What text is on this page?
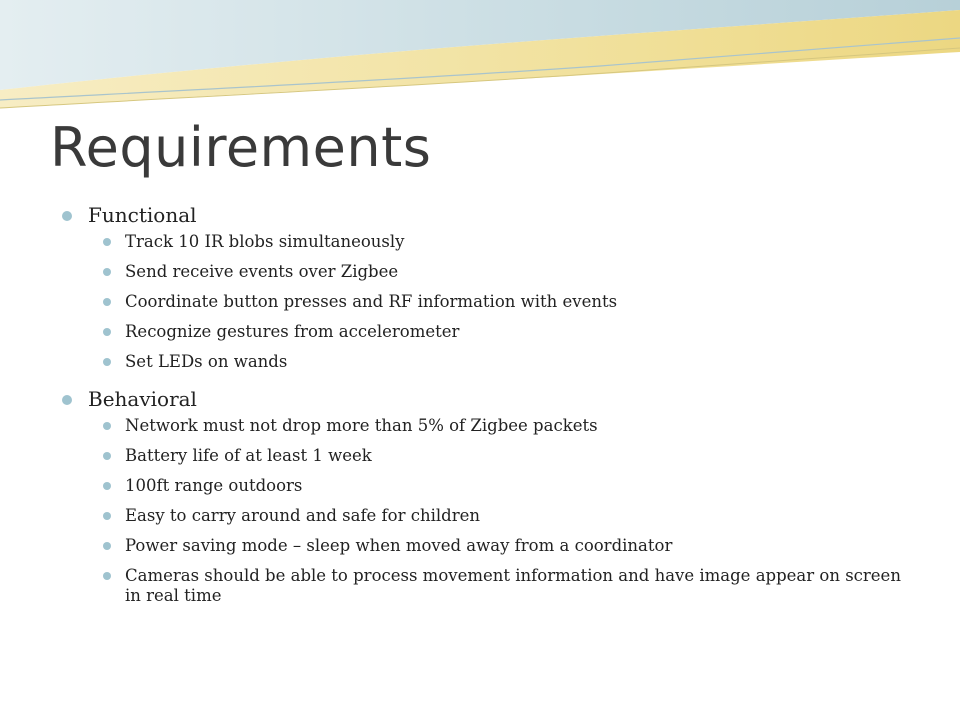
Requirements
Functional
Track 10 IR blobs simultaneously
Send receive events over Zigbee
Coordinate button presses and RF information with events
Recognize gestures from accelerometer
Set LEDs on wands
Behavioral
Network must not drop more than 5% of Zigbee packets
Battery life of at least 1 week
100ft range outdoors
Easy to carry around and safe for children
Power saving mode – sleep when moved away from a coordinator
Cameras should be able to process movement information and have image appear on screen in real time
